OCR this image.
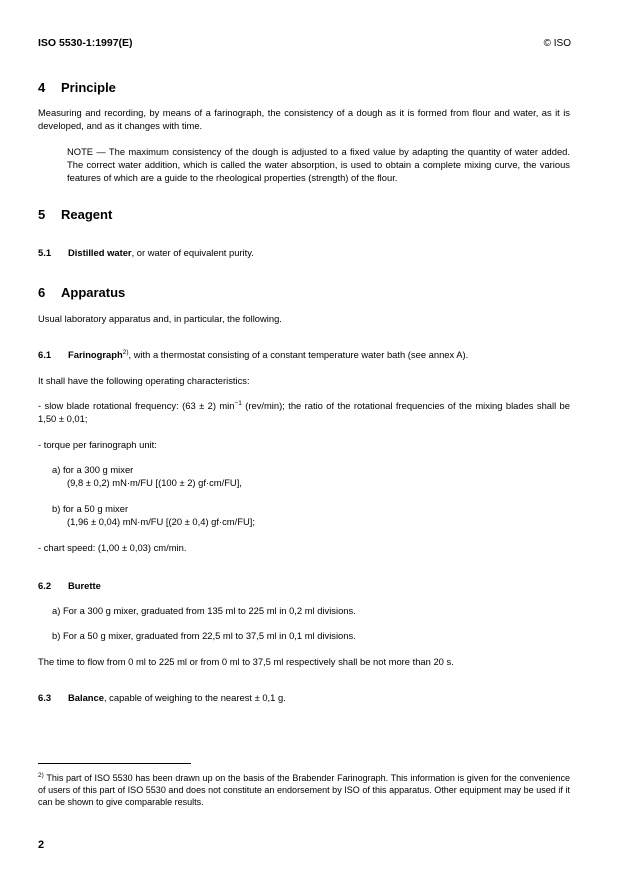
ISO 5530-1:1997(E)	© ISO
4 Principle
Measuring and recording, by means of a farinograph, the consistency of a dough as it is formed from flour and water, as it is developed, and as it changes with time.
NOTE — The maximum consistency of the dough is adjusted to a fixed value by adapting the quantity of water added. The correct water addition, which is called the water absorption, is used to obtain a complete mixing curve, the various features of which are a guide to the rheological properties (strength) of the flour.
5 Reagent
5.1 Distilled water, or water of equivalent purity.
6 Apparatus
Usual laboratory apparatus and, in particular, the following.
6.1 Farinograph$^{2)}$, with a thermostat consisting of a constant temperature water bath (see annex A).
It shall have the following operating characteristics:
- slow blade rotational frequency: (63 ± 2) $\min^{-1} (rev/\min)$; the ratio of the rotational frequencies of the mixing blades shall be 1,50 ± 0,01;
- torque per farinograph unit:
a) for a 300 g mixer
(9,8 ± 0,2) mN·m/FU [(100 ± 2) gf·cm/FU],
b) for a 50 g mixer
(1,96 ± 0,04) mN·m/FU [(20 ± 0,4) gf·cm/FU];
- chart speed: (1,00 ± 0,03) cm/min.
6.2 Burette
a) For a 300 g mixer, graduated from 135 ml to 225 ml in 0,2 ml divisions.
b) For a 50 g mixer, graduated from 22,5 ml to 37,5 ml in 0,1 ml divisions.
The time to flow from 0 ml to 225 ml or from 0 ml to 37,5 ml respectively shall be not more than 20 s.
6.3 Balance, capable of weighing to the nearest ± 0,1 g.
$^{2)}$ This part of ISO 5530 has been drawn up on the basis of the Brabender Farinograph. This information is given for the convenience of users of this part of ISO 5530 and does not constitute an endorsement by ISO of this apparatus. Other equipment may be used if it can be shown to give comparable results.
2
